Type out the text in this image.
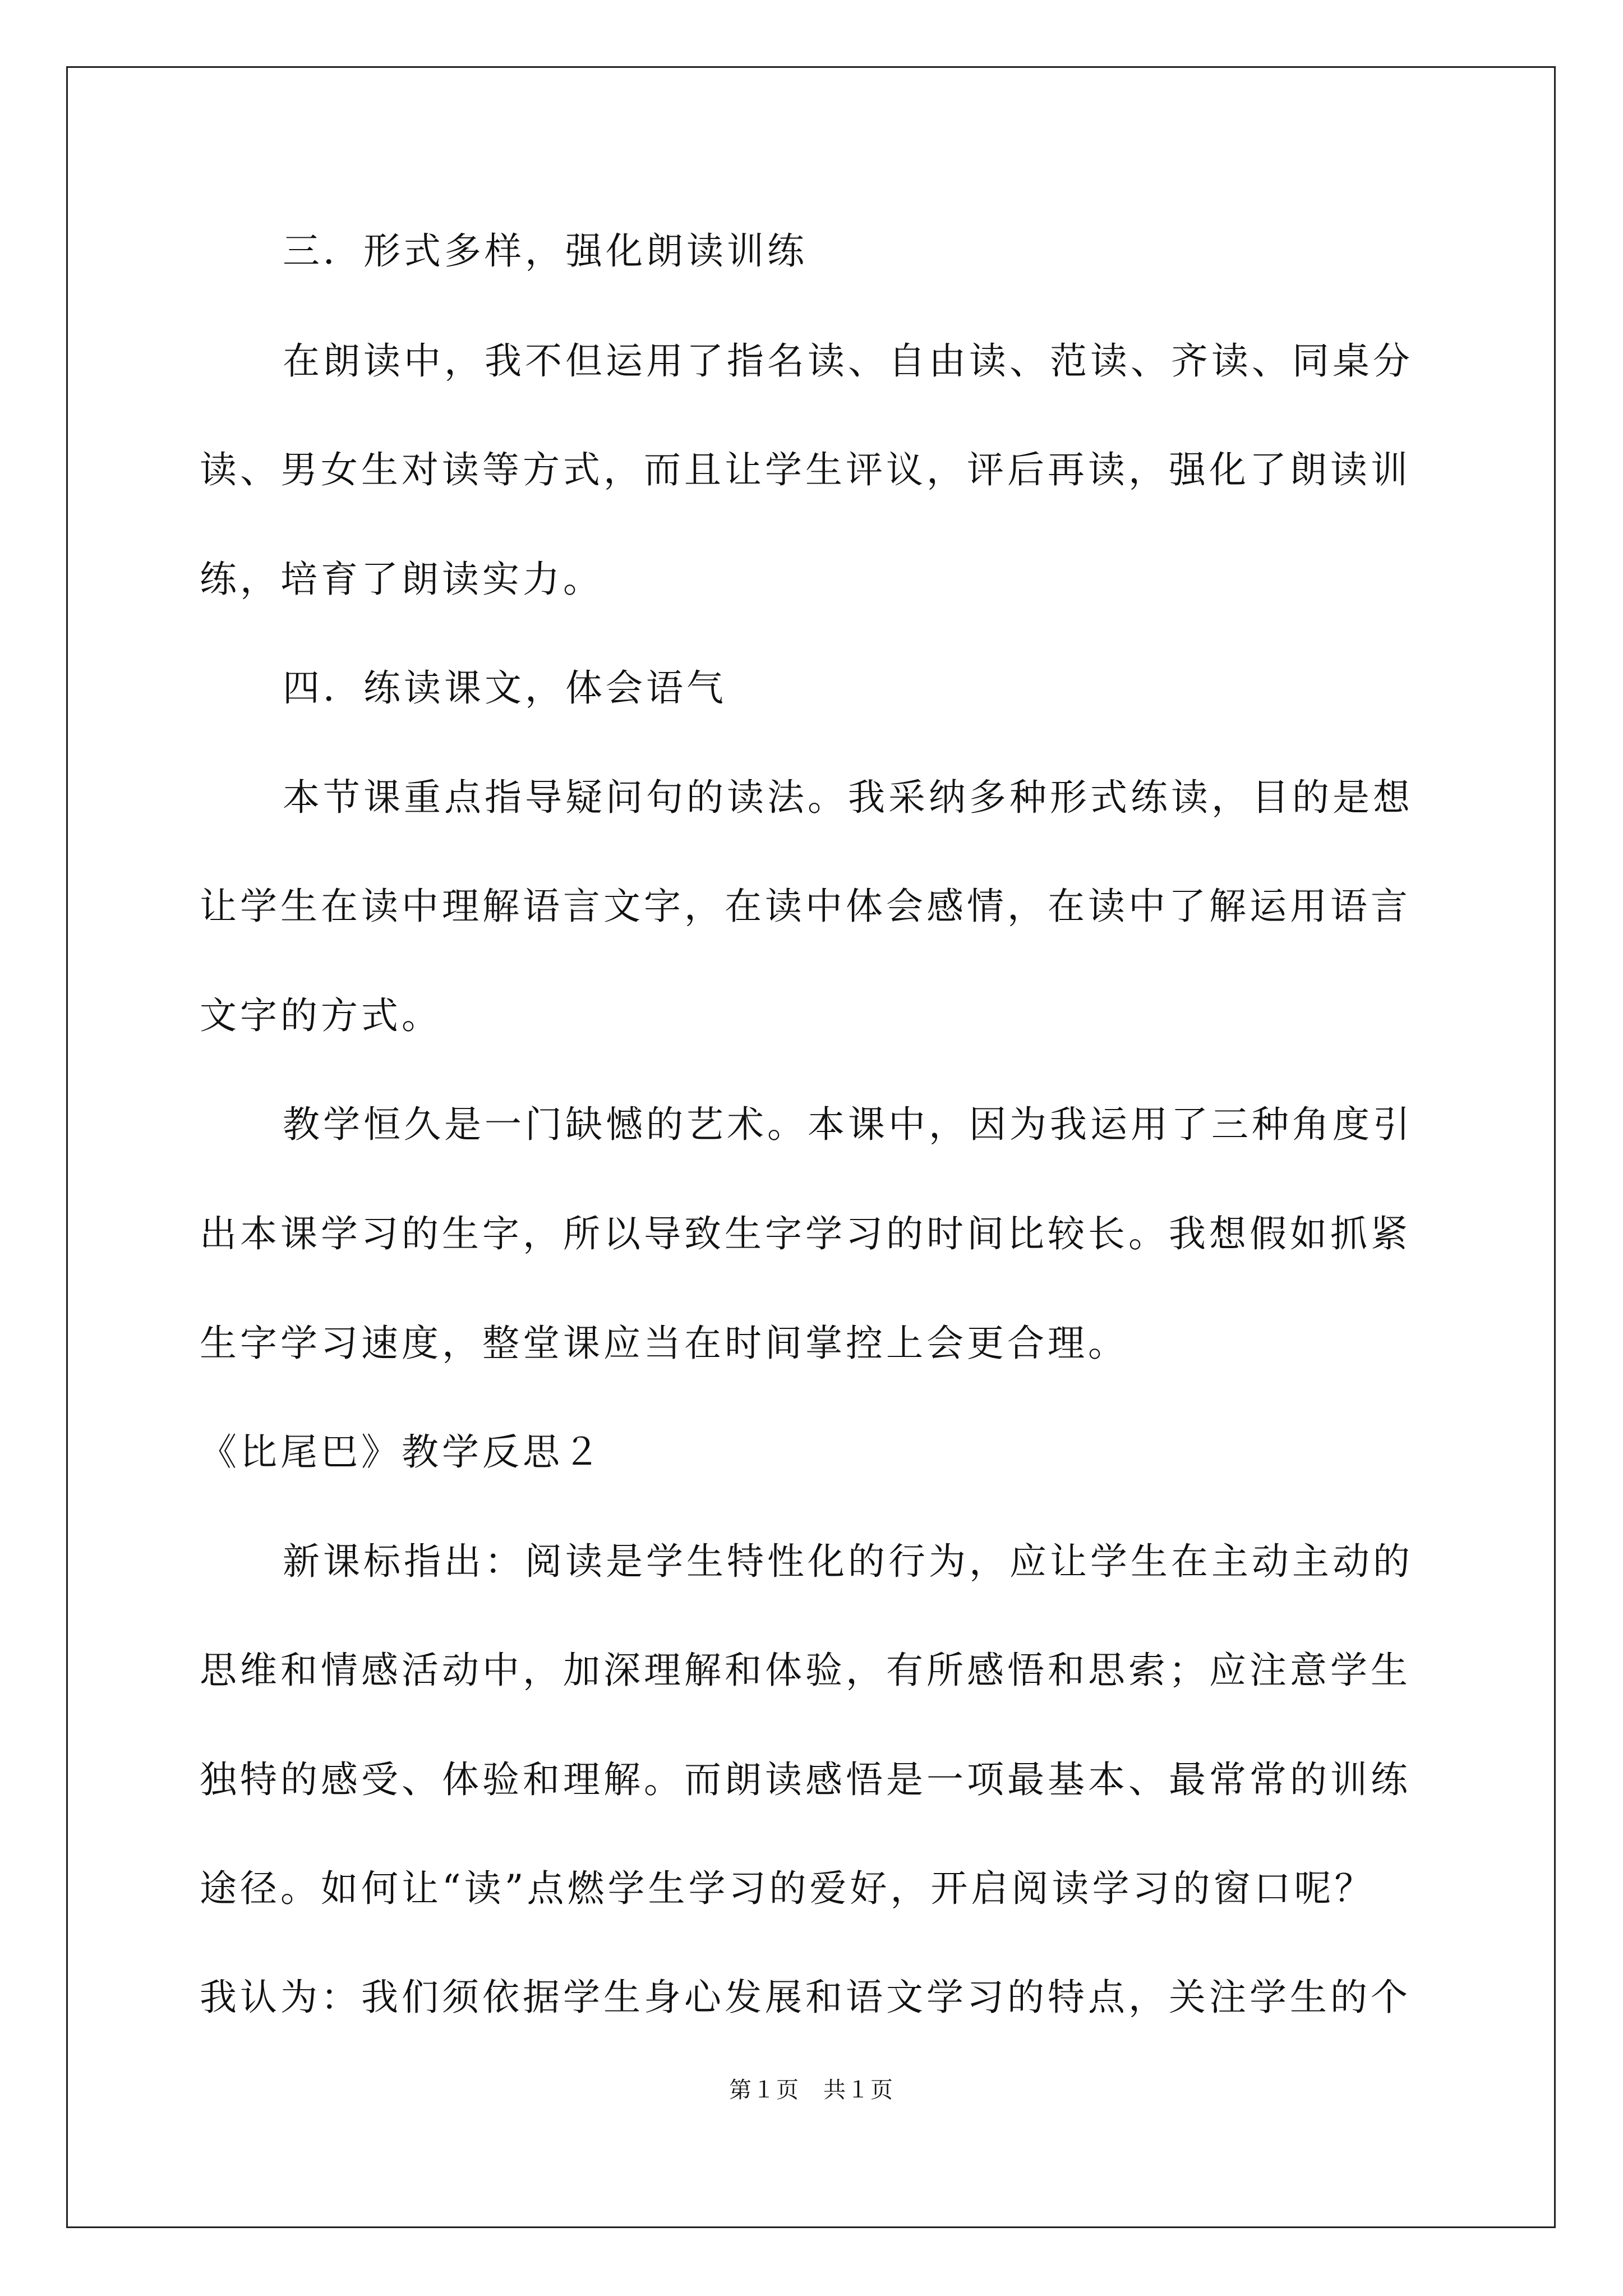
三．形式多样，强化朗读训练
在朗读中，我不但运用了指名读、自由读、范读、齐读、同桌分
读、男女生对读等方式，而且让学生评议，评后再读，强化了朗读训
练，培育了朗读实力。
四．练读课文，体会语气
本节课重点指导疑问句的读法。我采纳多种形式练读，目的是想
让学生在读中理解语言文字，在读中体会感情，在读中了解运用语言
文字的方式。
教学恒久是一门缺憾的艺术。本课中，因为我运用了三种角度引
出本课学习的生字，所以导致生字学习的时间比较长。我想假如抓紧
生字学习速度，整堂课应当在时间掌控上会更合理。
《比尾巴》教学反思２
新课标指出：阅读是学生特性化的行为，应让学生在主动主动的
思维和情感活动中，加深理解和体验，有所感悟和思索；应注意学生
独特的感受、体验和理解。而朗读感悟是一项最基本、最常常的训练
途径。如何让“读”点燃学生学习的爱好，开启阅读学习的窗口呢？
我认为：我们须依据学生身心发展和语文学习的特点，关注学生的个
第１页　共１页
